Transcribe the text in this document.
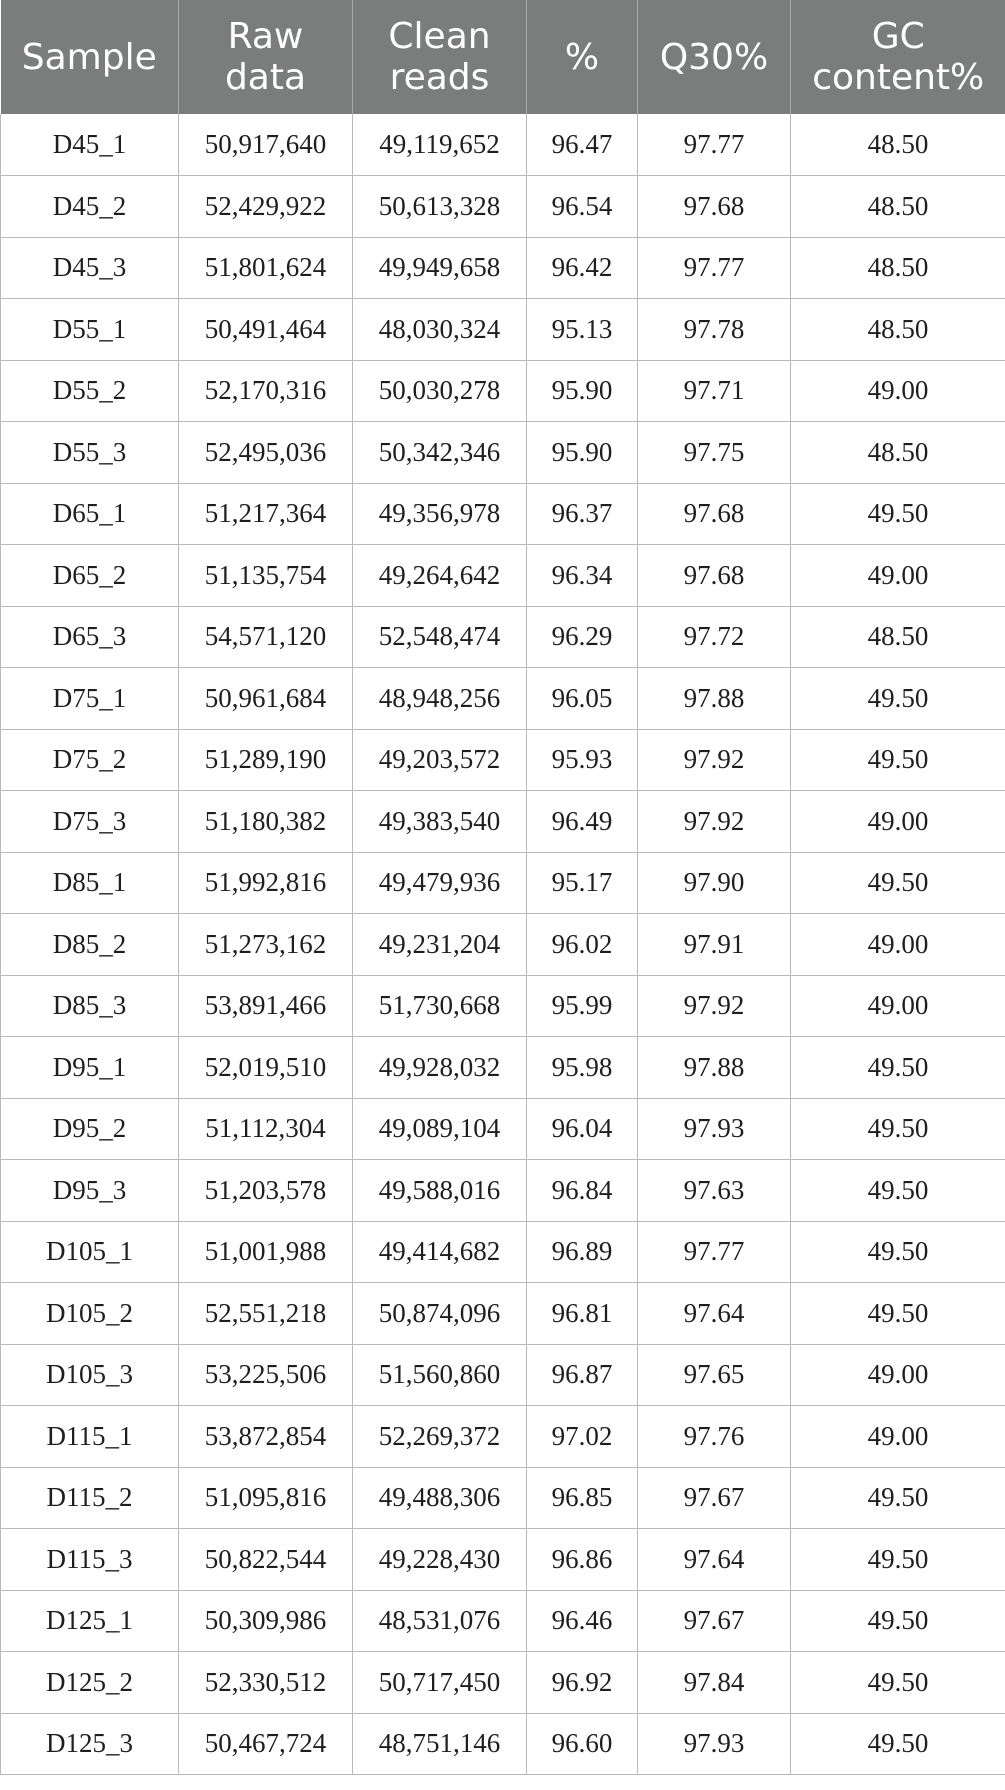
Sample	Raw data	Clean reads	%	Q30%	GC content%
D45_1	50,917,640	49,119,652	96.47	97.77	48.50
D45_2	52,429,922	50,613,328	96.54	97.68	48.50
D45_3	51,801,624	49,949,658	96.42	97.77	48.50
D55_1	50,491,464	48,030,324	95.13	97.78	48.50
D55_2	52,170,316	50,030,278	95.90	97.71	49.00
D55_3	52,495,036	50,342,346	95.90	97.75	48.50
D65_1	51,217,364	49,356,978	96.37	97.68	49.50
D65_2	51,135,754	49,264,642	96.34	97.68	49.00
D65_3	54,571,120	52,548,474	96.29	97.72	48.50
D75_1	50,961,684	48,948,256	96.05	97.88	49.50
D75_2	51,289,190	49,203,572	95.93	97.92	49.50
D75_3	51,180,382	49,383,540	96.49	97.92	49.00
D85_1	51,992,816	49,479,936	95.17	97.90	49.50
D85_2	51,273,162	49,231,204	96.02	97.91	49.00
D85_3	53,891,466	51,730,668	95.99	97.92	49.00
D95_1	52,019,510	49,928,032	95.98	97.88	49.50
D95_2	51,112,304	49,089,104	96.04	97.93	49.50
D95_3	51,203,578	49,588,016	96.84	97.63	49.50
D105_1	51,001,988	49,414,682	96.89	97.77	49.50
D105_2	52,551,218	50,874,096	96.81	97.64	49.50
D105_3	53,225,506	51,560,860	96.87	97.65	49.00
D115_1	53,872,854	52,269,372	97.02	97.76	49.00
D115_2	51,095,816	49,488,306	96.85	97.67	49.50
D115_3	50,822,544	49,228,430	96.86	97.64	49.50
D125_1	50,309,986	48,531,076	96.46	97.67	49.50
D125_2	52,330,512	50,717,450	96.92	97.84	49.50
D125_3	50,467,724	48,751,146	96.60	97.93	49.50
